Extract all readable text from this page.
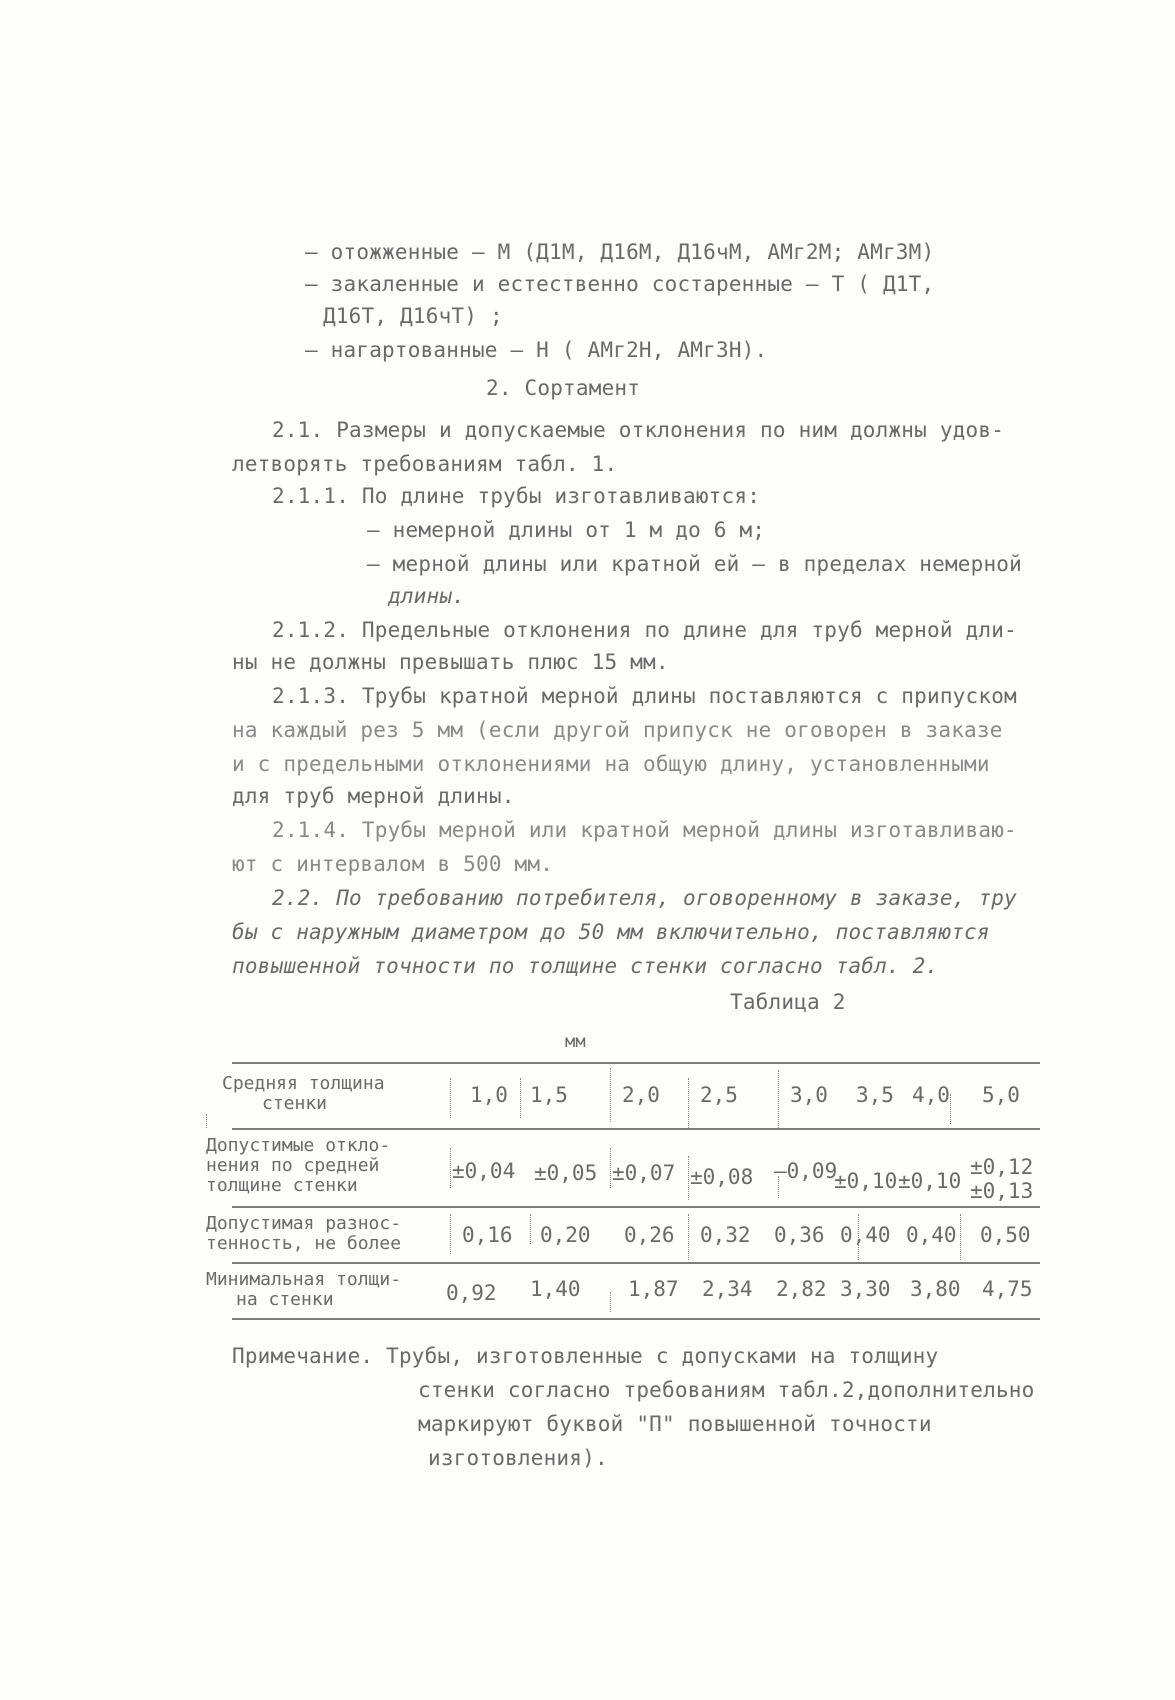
– отожженные – М (Д1М, Д16М, Д16чМ, АМг2М; АМг3М)
– закаленные и естественно состаренные – Т ( Д1Т,
Д16Т, Д16чТ) ;
– нагартованные – Н ( АМг2Н, АМг3Н).
2. Сортамент
2.1. Размеры и допускаемые отклонения по ним должны удов-
летворять требованиям табл. 1.
2.1.1. По длине трубы изготавливаются:
– немерной длины от 1 м до 6 м;
– мерной длины или кратной ей – в пределах немерной
длины.
2.1.2. Предельные отклонения по длине для труб мерной дли-
ны не должны превышать плюс 15 мм.
2.1.3. Трубы кратной мерной длины поставляются с припуском
на каждый рез 5 мм (если другой припуск не оговорен в заказе
и с предельными отклонениями на общую длину, установленными
для труб мерной длины.
2.1.4. Трубы мерной или кратной мерной длины изготавливаю-
ют с интервалом в 500 мм.
2.2. По требованию потребителя, оговоренному в заказе, тру
бы с наружным диаметром до 50 мм включительно, поставляются
повышенной точности по толщине стенки согласно табл. 2.
Таблица 2
мм
Средняя толщина
стенки
Допустимые откло-
нения по средней
толщине стенки
Допустимая разнос-
тенность, не более
Минимальная толщи-
на стенки
1,0 1,5	2,0 2,5 3,0 3,5 4,0 5,0
±0,04 ±0,05 ±0,07 ±0,08 –0,09
±0,10 ±0,10
±0,12
±0,13
0,16 0,20 0,26 0,32 0,36 0,40 0,40 0,50
0,92 1,40 1,87 2,34 2,82 3,30 3,80 4,75
Примечание. Трубы, изготовленные с допусками на толщину
стенки согласно требованиям табл.2,дополнительно
маркируют буквой "П" повышенной точности
изготовления).
